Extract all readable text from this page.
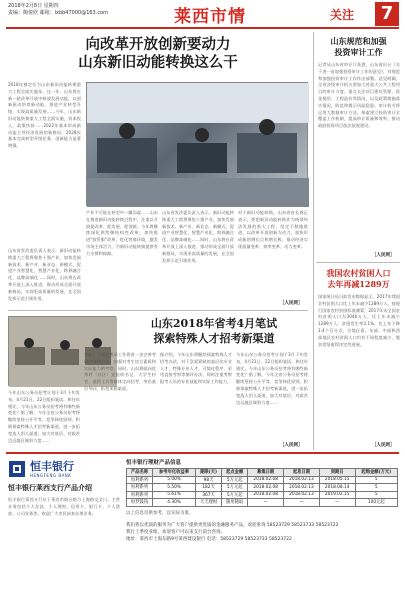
2018年2月8日 星期四
责编：陶悦欣 邮箱：lxbb47000@163.com	莱西市情	关注	7
向改革开放创新要动力
山东新旧动能转换这么干
2018年被定位为山东新旧动能转换重大工程全面实施年。这一年，山东将在新一轮改革开放中释放发展动能，以创新驱动培育新动能，推进产业转型升级，实现高质量发展……今年，山东新旧动能转换重大工程全面实施，资本投入，政策扶持……2022年基本形成新动能主导经济发展的新格局，2028年基本完成转型升级任务，创新能力显著增强。
山东省发改委负责人表示，新旧动能转换重大工程将聚焦十强产业，加快发展新技术、新产业、新业态、新模式，促进产业智慧化、智慧产业化、跨界融合化、品牌高端化……同时，山东将在改革开放上深入推进，推动形成全面开放新格局，实现更高质量的发展，在全国发挥示范引领作用。
产业不可能在转型中一蹴而就……山东在推进新旧动能转换过程中，注重以开放促改革、促发展、促创新。今年将继续深化供给侧结构性改革，加快推进"放管服"改革，优化营商环境，激发市场主体活力，为新旧动能转换提供有力支撑和保障。
山东省发改委负责人表示，新旧动能转换重大工程将聚焦十强产业，加快发展新技术、新产业、新业态、新模式，促进产业智慧化、智慧产业化、跨界融合化、品牌高端化……同时，山东将在改革开放上深入推进，推动形成全面开放新格局，实现更高质量的发展，在全国发挥示范引领作用。
对于新旧动能转换，山东省省长龚正表示，要把新旧动能转换作为统领经济发展的重大工程，坚定不移地推进，以改革开放创新为动力，加快形成新的增长点和增长极，推动经济实现质量变革、效率变革、动力变革。
［人民网］
山东2018年省考4月笔试
探索特殊人才招考新渠道
今年山东公务员招考计划于3月下旬发布，4月21日、22日组织笔试。和往年相比，今年山东公务员招考将有哪些新变化？据了解，今年全省公务员招考将继续坚持公开平等、竞争择优原则，积极探索特殊人才招考新渠道，进一步拓宽选人用人渠道，加大对基层、对艰苦边远地区倾斜力度……
为此，今年的考录工作将进一步完善考试内容和方式，加强对考生综合素质和实际能力的考察。同时，山东将面向优秀村（社区）党组织书记、大学生村官、退役士兵等群体定向招考，突出基层导向，拓宽来源渠道。
据介绍，今年山东将继续探索特殊人才招考办法，对于急需紧缺的高层次专业人才、特殊专业人才，可简化程序、采用直接考察等测评办法。同时注重考察报考人员的专业技能和实际工作能力。
今年山东公务员招考计划于3月下旬发布，4月21日、22日组织笔试。和往年相比，今年山东公务员招考将有哪些新变化？据了解，今年全省公务员招考将继续坚持公开平等、竞争择优原则，积极探索特殊人才招考新渠道，进一步拓宽选人用人渠道，加大对基层、对艰苦边远地区倾斜力度……
［人民网］
山东规范和加强
投资审计工作
记者从山东省审计厅获悉，山东省出台《关于进一步加强投资审计工作的意见》，对规范和加强投资审计工作作出部署。意见明确，全省各级审计机关要加大对重大公共工程项目的审计力度，重点关注项目建设管理、资金使用、工程造价等情况，以及政策措施落实情况，防范和揭示风险隐患。审计机关将运用大数据审计方法，探索建立投资审计全覆盖工作机制，提高审计质量和效率，推动政府投资项目依法依规建设。
［人民网］
我国农村贫困人口
去年再减1289万
国家统计局日前发布数据显示，2017年我国农村贫困人口比上年末减少1289万人。按现行国家农村贫困标准测算，2017年末全国农村贫困人口为3046万人，比上年末减少1289万人；贫困发生率3.1%，比上年下降1.4个百分点。分地区看，东部、中部和西部地区农村贫困人口均有不同程度减少，脱贫攻坚取得决定性进展。
［人民网］
恒丰银行
HENGFENG BANK
恒丰银行莱西支行产品介绍
恒丰银行莱西支行位于莱西市烟台路与上海路交叉口。主营业务包括个人存款、个人理财、信用卡、银行卡、个人贷款、公司业务等。欢迎广大市民前来办理业务。
恒丰银行理财产品信息
产品名称	参考年化收益率	期限(天)	起点金额	募集日期	起息日期	到期日	起购金额(万元)
恒利系列	5.00%	98天	5万元起	2018.02.08	2018.02.13	2018.05.15	5
恒利系列	5.50%	182天	5万元起	2018.02.08	2018.02.13	2018.08.14	5
恒利系列	5.61%	367天	5万元起	2018.02.08	2018.02.13	2019.02.15	5
恒梦鼓钱	4.30%	天天理财	随用随取	—	—	—	100元起
以上信息仅供参考，以实际为准。
我们将以优质的服务为广大客户提供更优质的金融服务产品，欢迎垂询 58523729 58523733 58523722
我行上季度业绩，欢迎客户可以来支行前台咨询。
地址：莱西市上海东路9号莱西建设银行 电话：58523729 58523733 58523722
